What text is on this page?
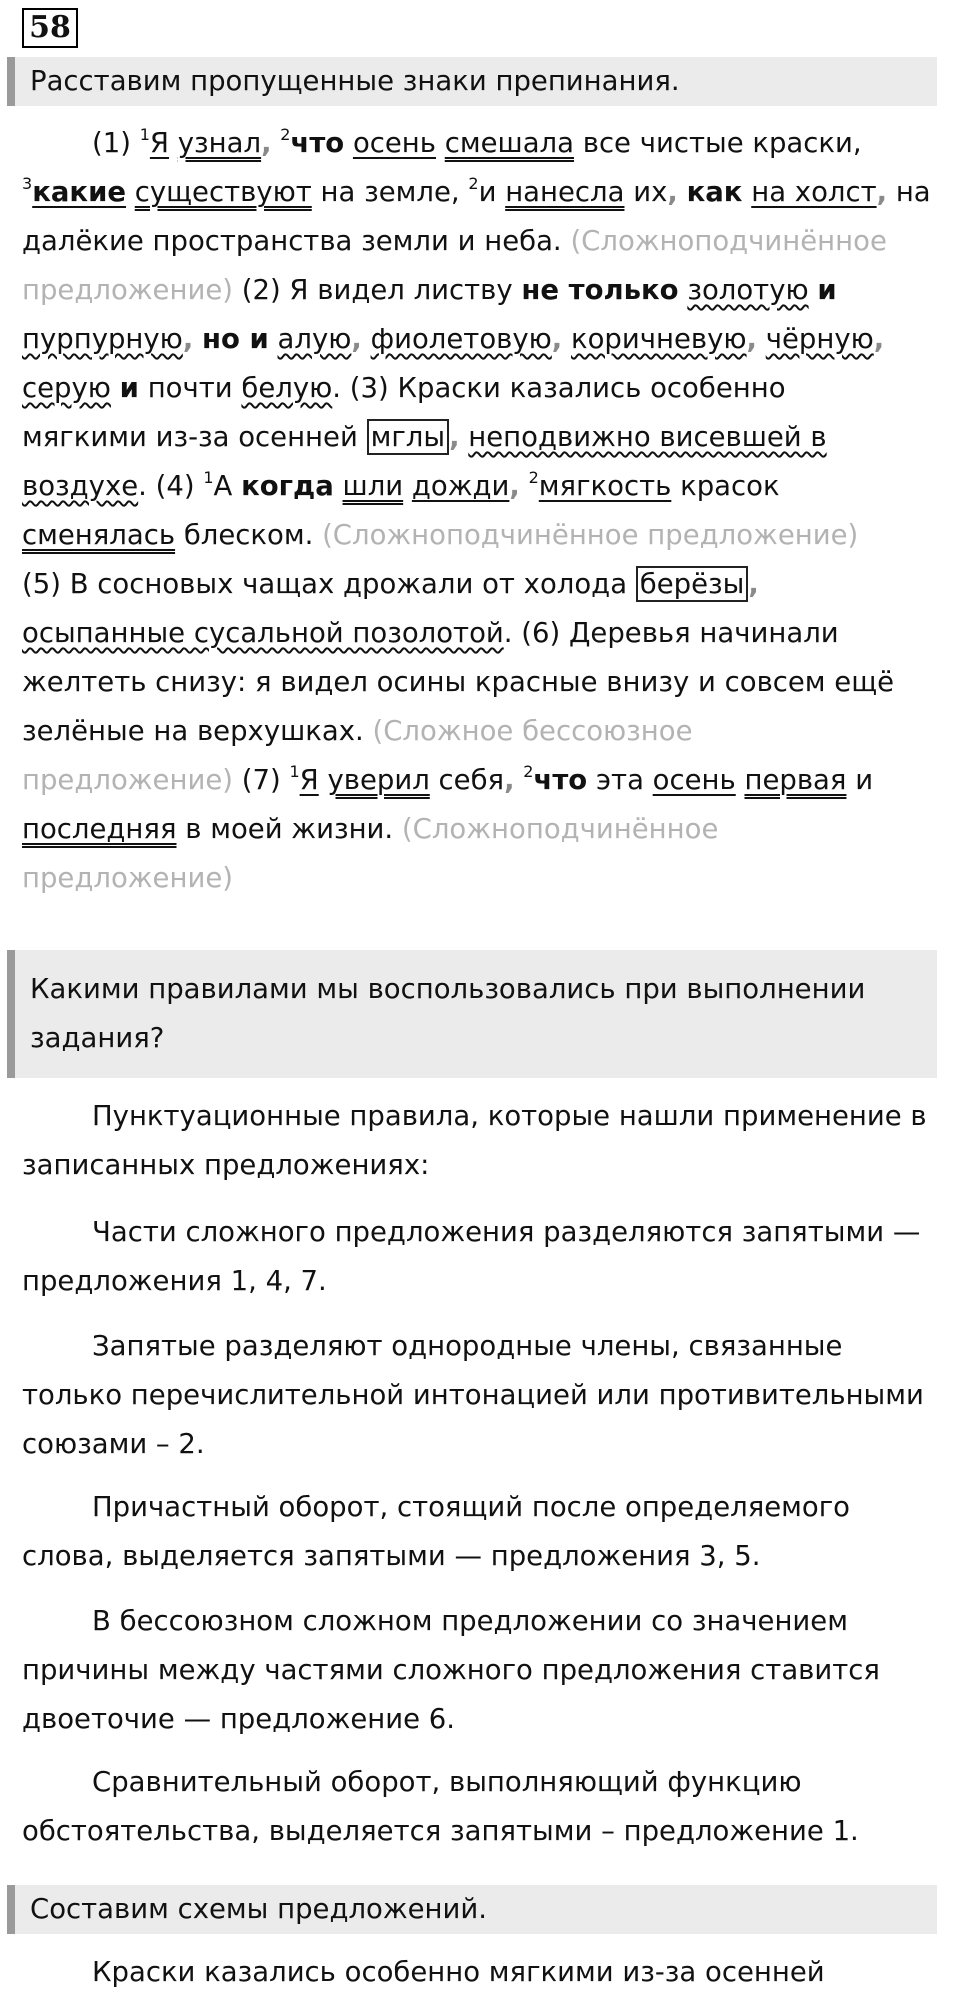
58
Расставим пропущенные знаки препинания.
(1) $^1$Я узнал, $^2$что осень смешала все чистые краски,
$^3$какие существуют на земле, $^2$и нанесла их, как на холст, на
далёкие пространства земли и неба. (Сложноподчинённое
предложение) (2) Я видел листву не только золотую и
пурпурную, но и алую, фиолетовую, коричневую, чёрную,
серую и почти белую. (3) Краски казались особенно
мягкими из-за осенней мглы , неподвижно висевшей в
воздухе. (4) $^1$А когда шли дожди, $^2$мягкость красок
сменялась блеском. (Сложноподчинённое предложение)
(5) В сосновых чащах дрожали от холода берёзы ,
осыпанные сусальной позолотой. (6) Деревья начинали
желтеть снизу: я видел осины красные внизу и совсем ещё
зелёные на верхушках. (Сложное бессоюзное
предложение) (7) $^1$Я уверил себя, $^2$что эта осень первая и
последняя в моей жизни. (Сложноподчинённое
предложение)
Какими правилами мы воспользовались при выполнении задания?

Пунктуационные правила, которые нашли применение в записанных предложениях:

Части сложного предложения разделяются запятыми — предложения 1, 4, 7.

Запятые разделяют однородные члены, связанные только перечислительной интонацией или противительными союзами – 2.

Причастный оборот, стоящий после определяемого слова, выделяется запятыми — предложения 3, 5.

В бессоюзном сложном предложении со значением причины между частями сложного предложения ставится двоеточие — предложение 6.

Сравнительный оборот, выполняющий функцию обстоятельства, выделяется запятыми – предложение 1.

Составим схемы предложений.

Краски казались особенно мягкими из-за осенней
